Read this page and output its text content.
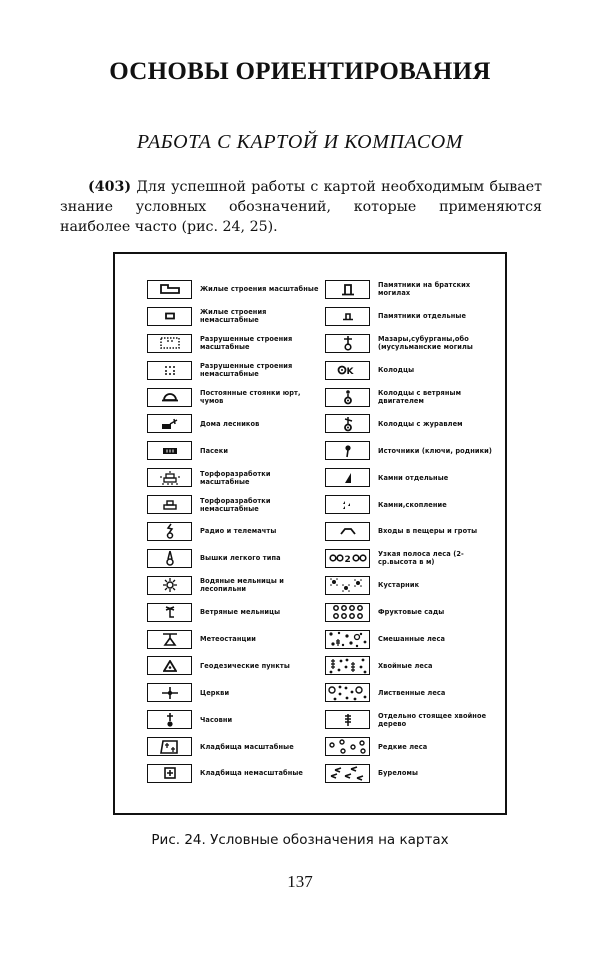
ОСНОВЫ ОРИЕНТИРОВАНИЯ
РАБОТА С КАРТОЙ И КОМПАСОМ
(403) Для успешной работы с картой необходимым бывает знание условных обозначений, которые применяются наиболее часто (рис. 24, 25).
Жилые строения масштабные
Жилые строения немасштабные
Разрушенные строения масштабные
Разрушенные строения немасштабные
Постоянные стоянки юрт, чумов
Дома лесников
Пасеки
Торфоразработки масштабные
Торфоразработки немасштабные
Радио и телемачты
Вышки легкого типа
Водяные мельницы и лесопильни
Ветряные мельницы
Метеостанции
Геодезические пункты
Церкви
Часовни
Кладбища масштабные
Кладбища немасштабные
Памятники на братских могилах
Памятники отдельные
Мазары,субурганы,обо (мусульманские могилы
K	Колодцы
Колодцы с ветряным двигателем
Колодцы с журавлем
Источники (ключи, родники)
Камни отдельные
Камни,скопление
Входы в пещеры и гроты
2
Узкая полоса леса (2-ср.высота в м)
Кустарник
Фруктовые сады
Смешанные леса
Хвойные леса
Лиственные леса
Отдельно стоящее хвойное дерево
Редкие леса
Буреломы
Рис. 24. Условные обозначения на картах
137
